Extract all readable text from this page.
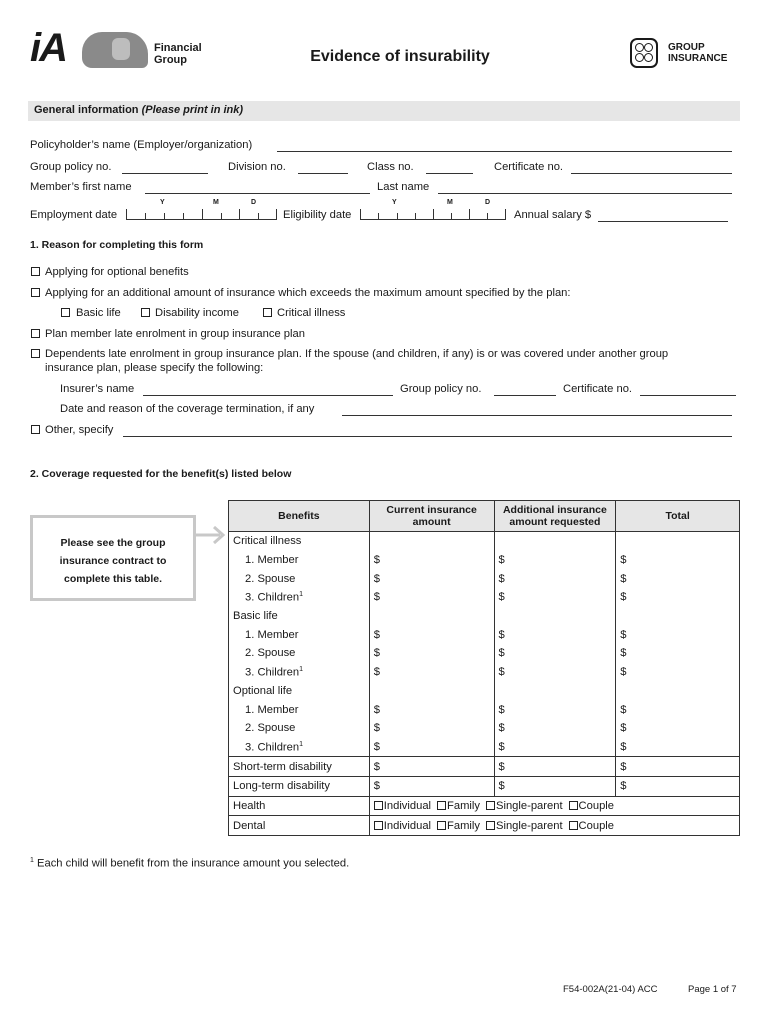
iA	Financial
Group	Evidence of insurability
GROUP
INSURANCE
General information (Please print in ink)
Policyholder’s name (Employer/organization)
Group policy no.	Division no.	Class no.	Certificate no.
Member’s first name	Last name
Y	M	D	Y	M	D
Employment date	Eligibility date	Annual salary $
1. Reason for completing this form
Applying for optional benefits
Applying for an additional amount of insurance which exceeds the maximum amount specified by the plan:
Basic life	Disability income	Critical illness
Plan member late enrolment in group insurance plan
Dependents late enrolment in group insurance plan. If the spouse (and children, if any) is or was covered under another group
insurance plan, please specify the following:
Insurer’s name	Group policy no.	Certificate no.
Date and reason of the coverage termination, if any
Other, specify
2. Coverage requested for the benefit(s) listed below

Please see the group
insurance contract to
complete this table.

Benefits	Current insurance amount	Additional insurance amount requested	Total
Critical illness			
1. Member	$	$	$
2. Spouse	$	$	$
3. Children$^1$	$	$	$
Basic life			
1. Member	$	$	$
2. Spouse	$	$	$
3. Children$^1$	$	$	$
Optional life			
1. Member	$	$	$
2. Spouse	$	$	$
3. Children$^1$	$	$	$
Short-term disability	$	$	$
Long-term disability	$	$	$
Health	Individual Family Single-parent Couple		
Dental	Individual Family Single-parent Couple		
$^1$ Each child will benefit from the insurance amount you selected.
F54-002A(21-04) ACC	Page 1 of 7
